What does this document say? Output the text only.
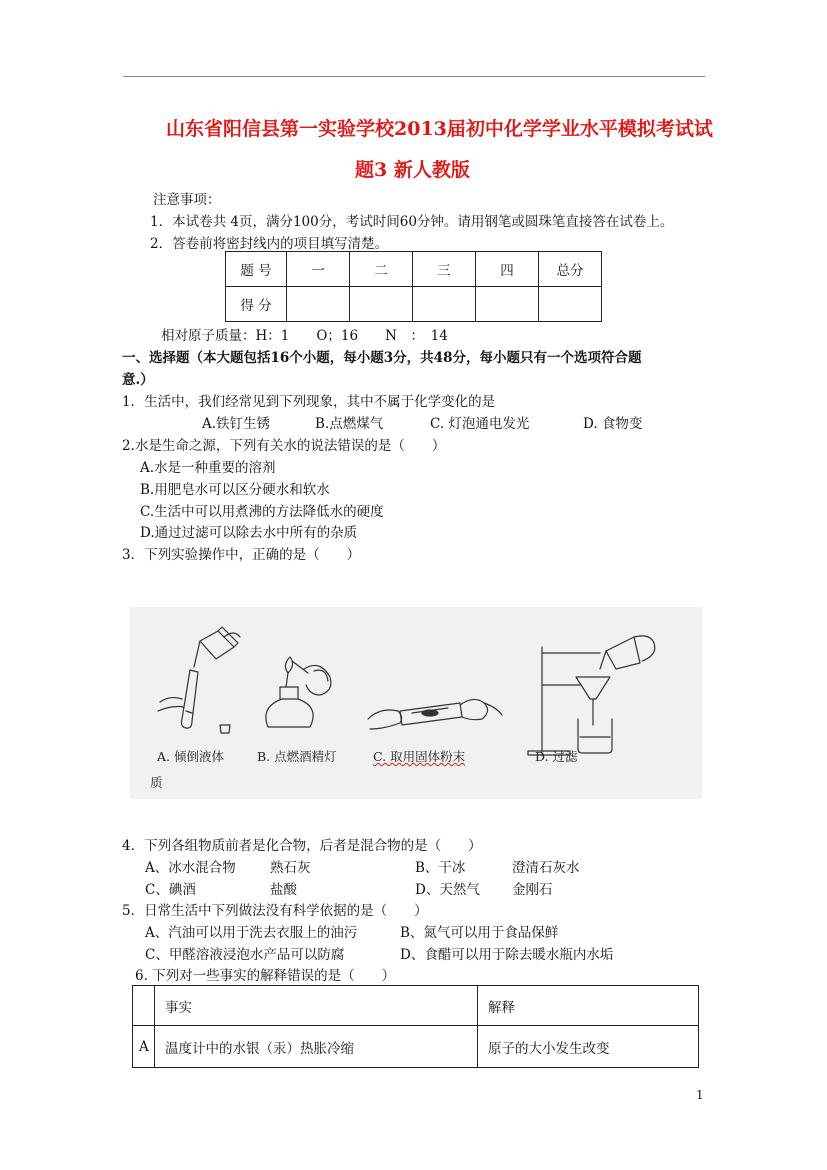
山东省阳信县第一实验学校2013届初中化学学业水平模拟考试试
题3 新人教版
注意事项：
1．本试卷共 4页，满分100分，考试时间60分钟。请用钢笔或圆珠笔直接答在试卷上。
2．答卷前将密封线内的项目填写清楚。
题 号	一	二	三	四	总分
得 分					
相对原子质量：H：1　　O；16　　N　：　14
一、选择题（本大题包括16个小题，每小题3分，共48分，每小题只有一个选项符合题
意.）
1．生活中，我们经常见到下列现象，其中不属于化学变化的是
A.铁钉生锈	B.点燃煤气	C. 灯泡通电发光	D. 食物变
2.水是生命之源，下列有关水的说法错误的是（　　）
A.水是一种重要的溶剂
B.用肥皂水可以区分硬水和软水
C.生活中可以用煮沸的方法降低水的硬度
D.通过过滤可以除去水中所有的杂质
3．下列实验操作中，正确的是（　　）
A. 倾倒液体	B. 点燃酒精灯	C. 取用固体粉末	D. 过滤
质
4．下列各组物质前者是化合物，后者是混合物的是（　　）
A、冰水混合物	熟石灰	B、干冰	澄清石灰水
C、碘酒	盐酸	D、天然气 金刚石
5．日常生活中下列做法没有科学依据的是（　　）
A、汽油可以用于洗去衣服上的油污	B、氮气可以用于食品保鲜
C、甲醛溶液浸泡水产品可以防腐	D、食醋可以用于除去暖水瓶内水垢
6. 下列对一些事实的解释错误的是（　　）
	事实	解释
A	温度计中的水银（汞）热胀冷缩	原子的大小发生改变
1
